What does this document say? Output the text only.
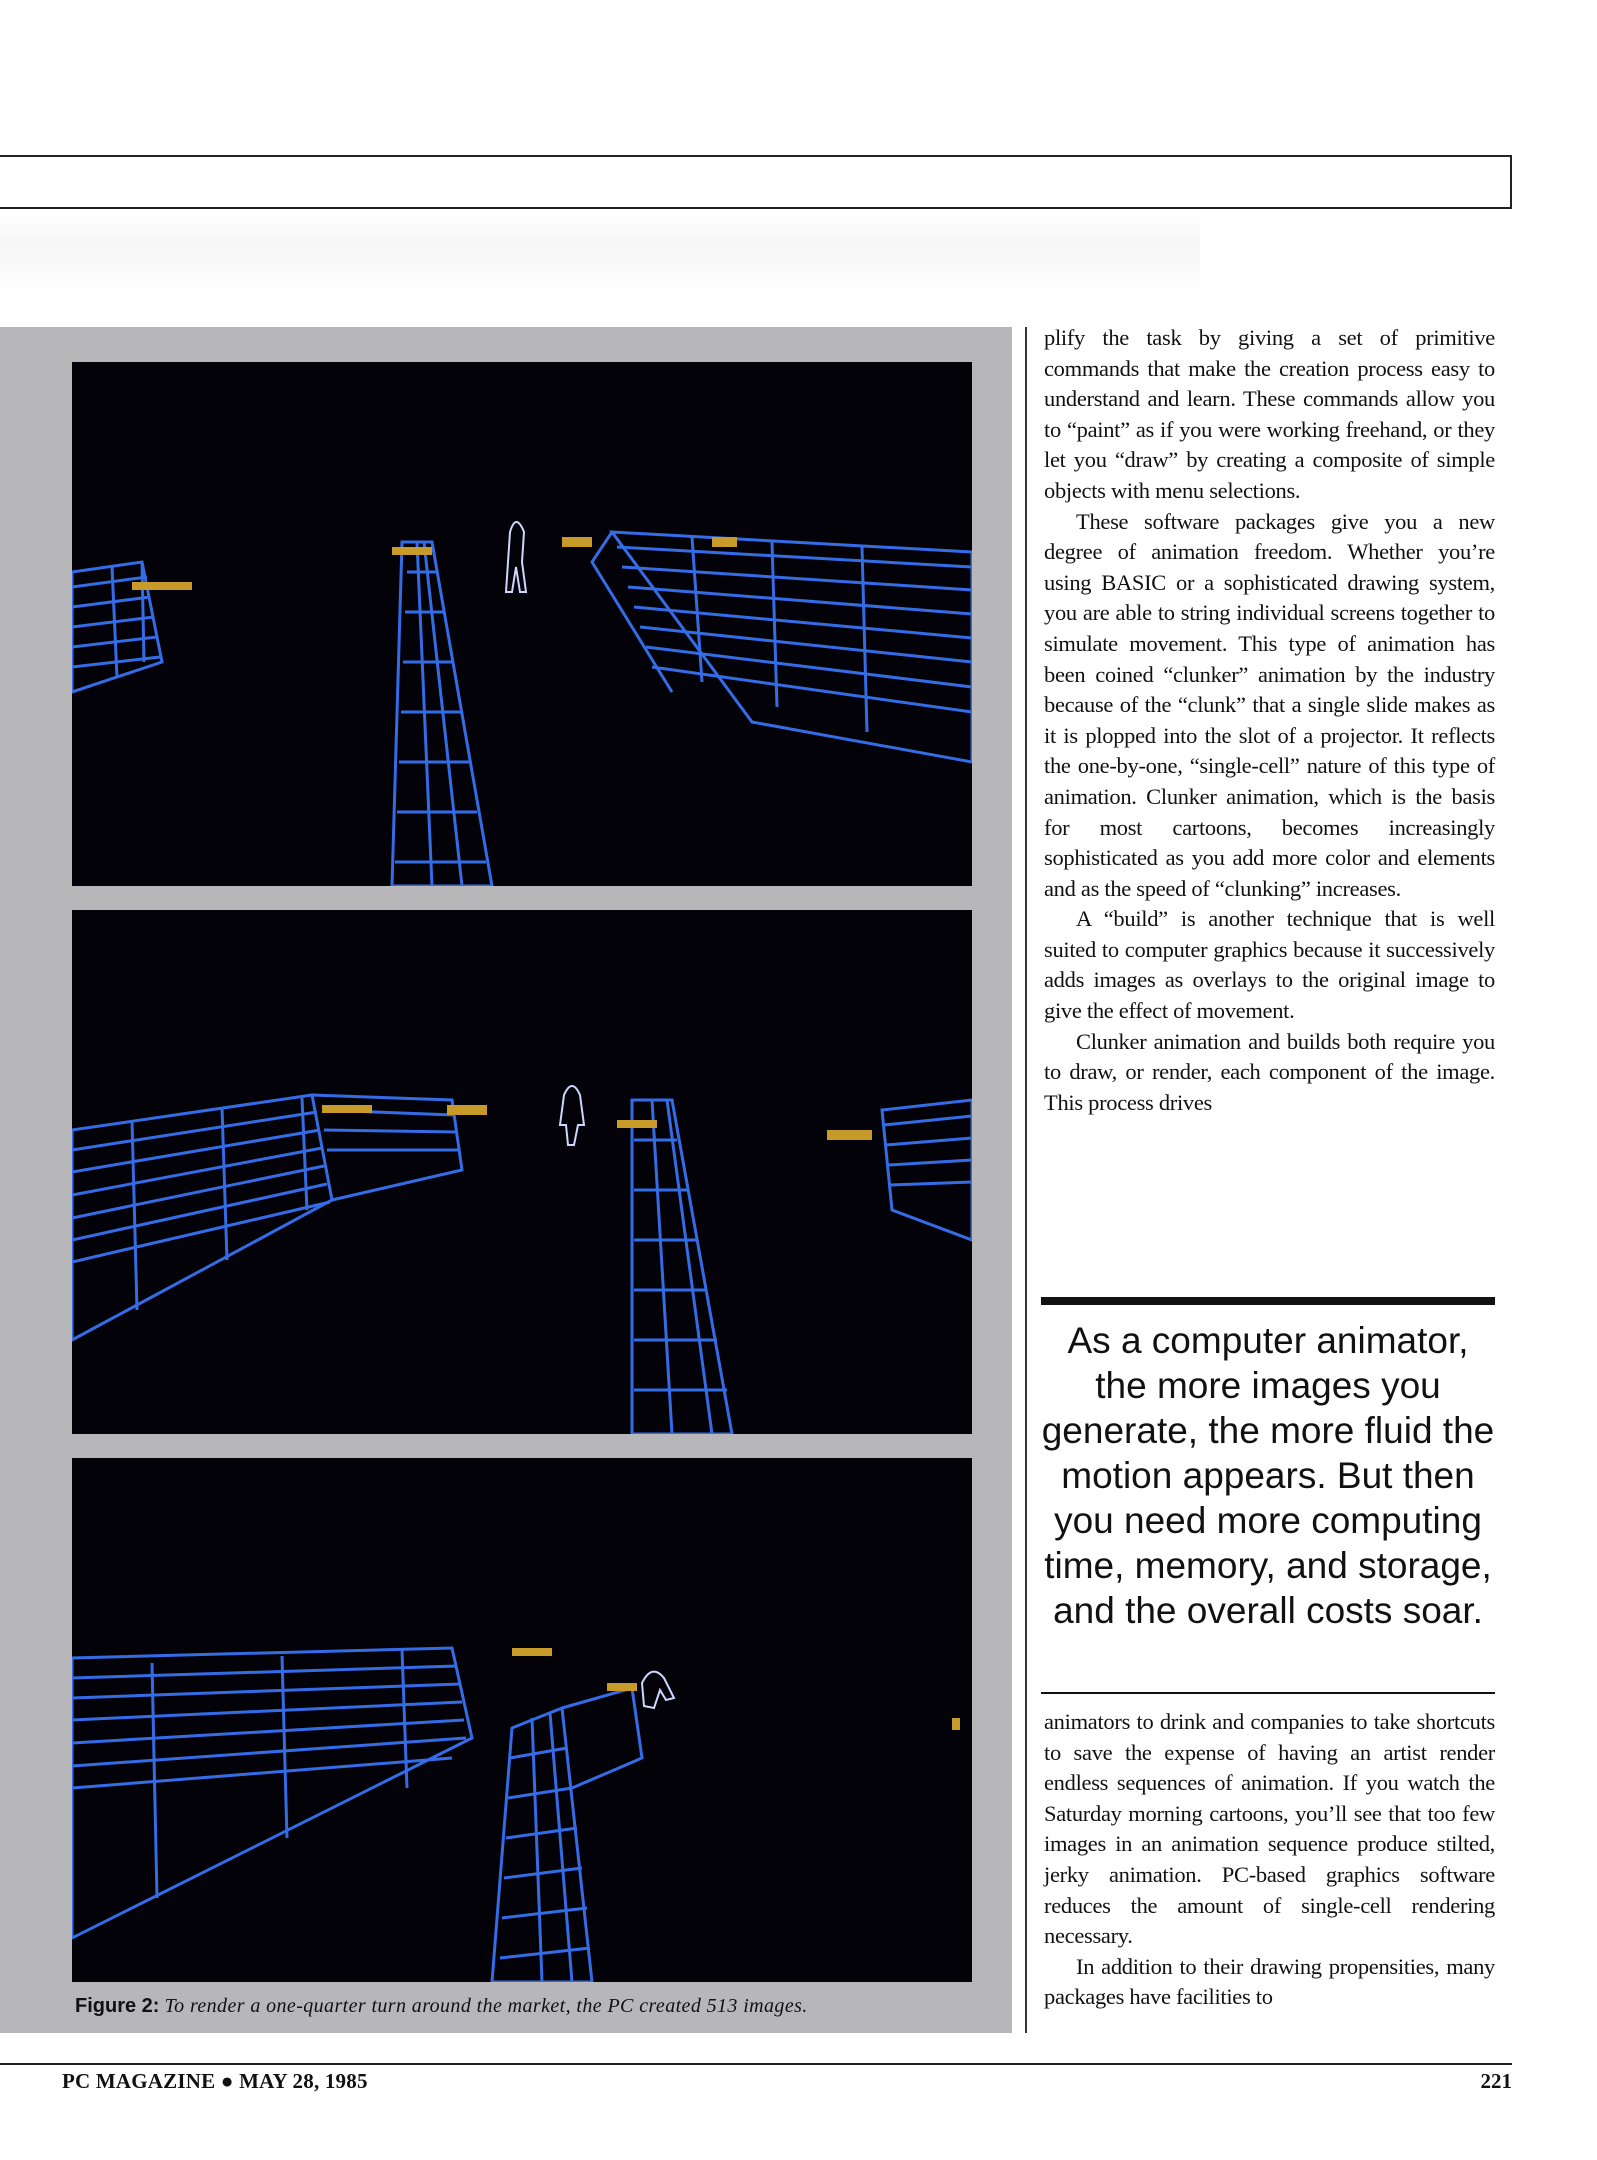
Figure 2: To render a one-quarter turn around the market, the PC created 513 images.

plify the task by giving a set of primitive commands that make the creation process easy to understand and learn. These commands allow you to “paint” as if you were working freehand, or they let you “draw” by creating a composite of simple objects with menu selections.

These software packages give you a new degree of animation freedom. Whether you’re using BASIC or a sophisticated drawing system, you are able to string individual screens together to simulate movement. This type of animation has been coined “clunker” animation by the industry because of the “clunk” that a single slide makes as it is plopped into the slot of a projector. It reflects the one-by-one, “single-cell” nature of this type of animation. Clunker animation, which is the basis for most cartoons, becomes increasingly sophisticated as you add more color and elements and as the speed of “clunking” increases.

A “build” is another technique that is well suited to computer graphics because it successively adds images as overlays to the original image to give the effect of movement.

Clunker animation and builds both require you to draw, or render, each component of the image. This process drives

As a computer animator, the more images you generate, the more fluid the motion appears. But then you need more computing time, memory, and storage, and the overall costs soar.

animators to drink and companies to take shortcuts to save the expense of having an artist render endless sequences of animation. If you watch the Saturday morning cartoons, you’ll see that too few images in an animation sequence produce stilted, jerky animation. PC-based graphics software reduces the amount of single-cell rendering necessary.

In addition to their drawing propensities, many packages have facilities to

PC MAGAZINE ● MAY 28, 1985	221
